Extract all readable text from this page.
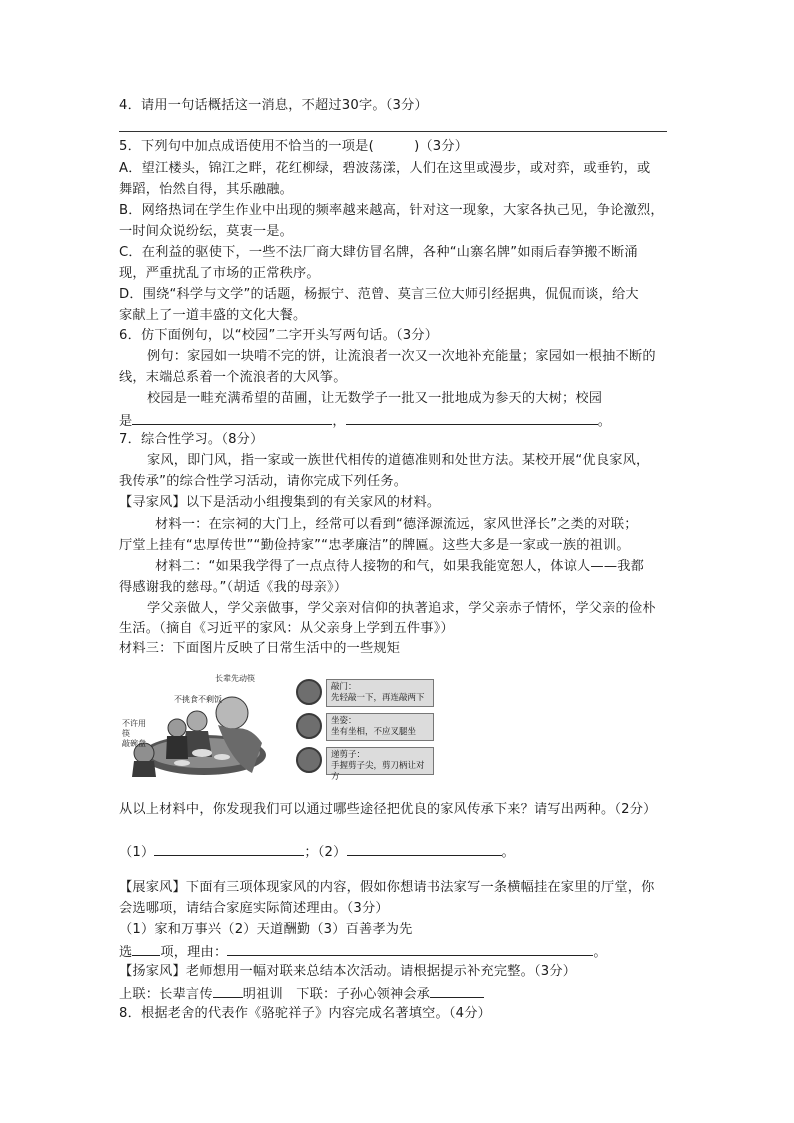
4．请用一句话概括这一消息，不超过30字。（3分）
5．下列句中加点成语使用不恰当的一项是(　　　)（3分）
A．望江楼头，锦江之畔，花红柳绿，碧波荡漾，人们在这里或漫步，或对弈，或垂钓，或
舞蹈，怡然自得，其乐融融。
B．网络热词在学生作业中出现的频率越来越高，针对这一现象，大家各执己见，争论激烈，
一时间众说纷纭，莫衷一是。
C．在利益的驱使下，一些不法厂商大肆仿冒名牌，各种“山寨名牌”如雨后春笋搬不断涌
现，严重扰乱了市场的正常秩序。
D．围绕“科学与文学”的话题，杨振宁、范曾、莫言三位大师引经据典，侃侃而谈，给大
家献上了一道丰盛的文化大餐。
6．仿下面例句，以“校园”二字开头写两句话。（3分）
例句：家园如一块啃不完的饼，让流浪者一次又一次地补充能量；家园如一根抽不断的
线，末端总系着一个流浪者的大风筝。
校园是一畦充满希望的苗圃，让无数学子一批又一批地成为参天的大树；校园
是	，	。
7．综合性学习。（8分）
家风，即门风，指一家或一族世代相传的道德准则和处世方法。某校开展“优良家风，
我传承”的综合性学习活动，请你完成下列任务。
【寻家风】以下是活动小组搜集到的有关家风的材料。
材料一：在宗祠的大门上，经常可以看到“德泽源流远，家风世泽长”之类的对联；
厅堂上挂有“忠厚传世”“勤俭持家”“忠孝廉洁”的牌匾。这些大多是一家或一族的祖训。
材料二：“如果我学得了一点点待人接物的和气，如果我能宽恕人，体谅人——我都
得感谢我的慈母。”（胡适《我的母亲》）
学父亲做人，学父亲做事，学父亲对信仰的执著追求，学父亲赤子情怀，学父亲的俭朴
生活。（摘自《习近平的家风：从父亲身上学到五件事》）
材料三：下面图片反映了日常生活中的一些规矩
长辈先动筷
不挑食不剩饭
不许用筷
敲碗盘
敲门：
先轻敲一下，再连敲两下
坐姿：
坐有坐相，不应叉腿坐
递剪子：
手握剪子尖，剪刀柄让对方
从以上材料中，你发现我们可以通过哪些途径把优良的家风传承下来？请写出两种。（2分）
（1）	；（2）	。
【展家风】下面有三项体现家风的内容，假如你想请书法家写一条横幅挂在家里的厅堂，你
会选哪项，请结合家庭实际简述理由。（3分）
（1）家和万事兴（2）天道酬勤（3）百善孝为先
选 项，理由：	。
【扬家风】老师想用一幅对联来总结本次活动。请根据提示补充完整。（3分）
上联：长辈言传 明祖训　下联：子孙心领神会承
8．根据老舍的代表作《骆驼祥子》内容完成名著填空。（4分）
